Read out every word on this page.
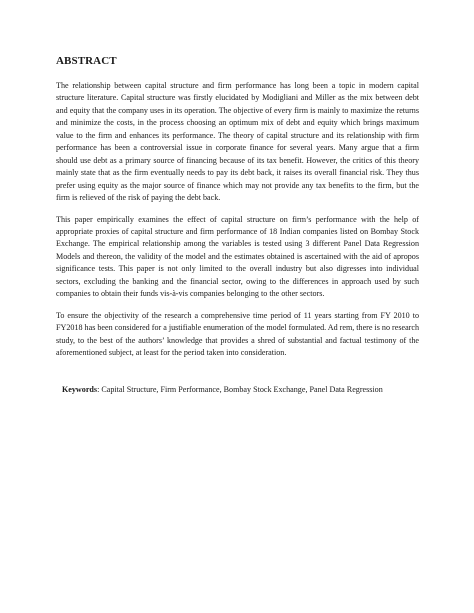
ABSTRACT

The relationship between capital structure and firm performance has long been a topic in modern capital structure literature. Capital structure was firstly elucidated by Modigliani and Miller as the mix between debt and equity that the company uses in its operation. The objective of every firm is mainly to maximize the returns and minimize the costs, in the process choosing an optimum mix of debt and equity which brings maximum value to the firm and enhances its performance. The theory of capital structure and its relationship with firm performance has been a controversial issue in corporate finance for several years. Many argue that a firm should use debt as a primary source of financing because of its tax benefit. However, the critics of this theory mainly state that as the firm eventually needs to pay its debt back, it raises its overall financial risk. They thus prefer using equity as the major source of finance which may not provide any tax benefits to the firm, but the firm is relieved of the risk of paying the debt back.

This paper empirically examines the effect of capital structure on firm’s performance with the help of appropriate proxies of capital structure and firm performance of 18 Indian companies listed on Bombay Stock Exchange. The empirical relationship among the variables is tested using 3 different Panel Data Regression Models and thereon, the validity of the model and the estimates obtained is ascertained with the aid of apropos significance tests. This paper is not only limited to the overall industry but also digresses into individual sectors, excluding the banking and the financial sector, owing to the differences in approach used by such companies to obtain their funds vis-à-vis companies belonging to the other sectors.

To ensure the objectivity of the research a comprehensive time period of 11 years starting from FY 2010 to FY2018 has been considered for a justifiable enumeration of the model formulated. Ad rem, there is no research study, to the best of the authors’ knowledge that provides a shred of substantial and factual testimony of the aforementioned subject, at least for the period taken into consideration.

Keywords: Capital Structure, Firm Performance, Bombay Stock Exchange, Panel Data Regression
